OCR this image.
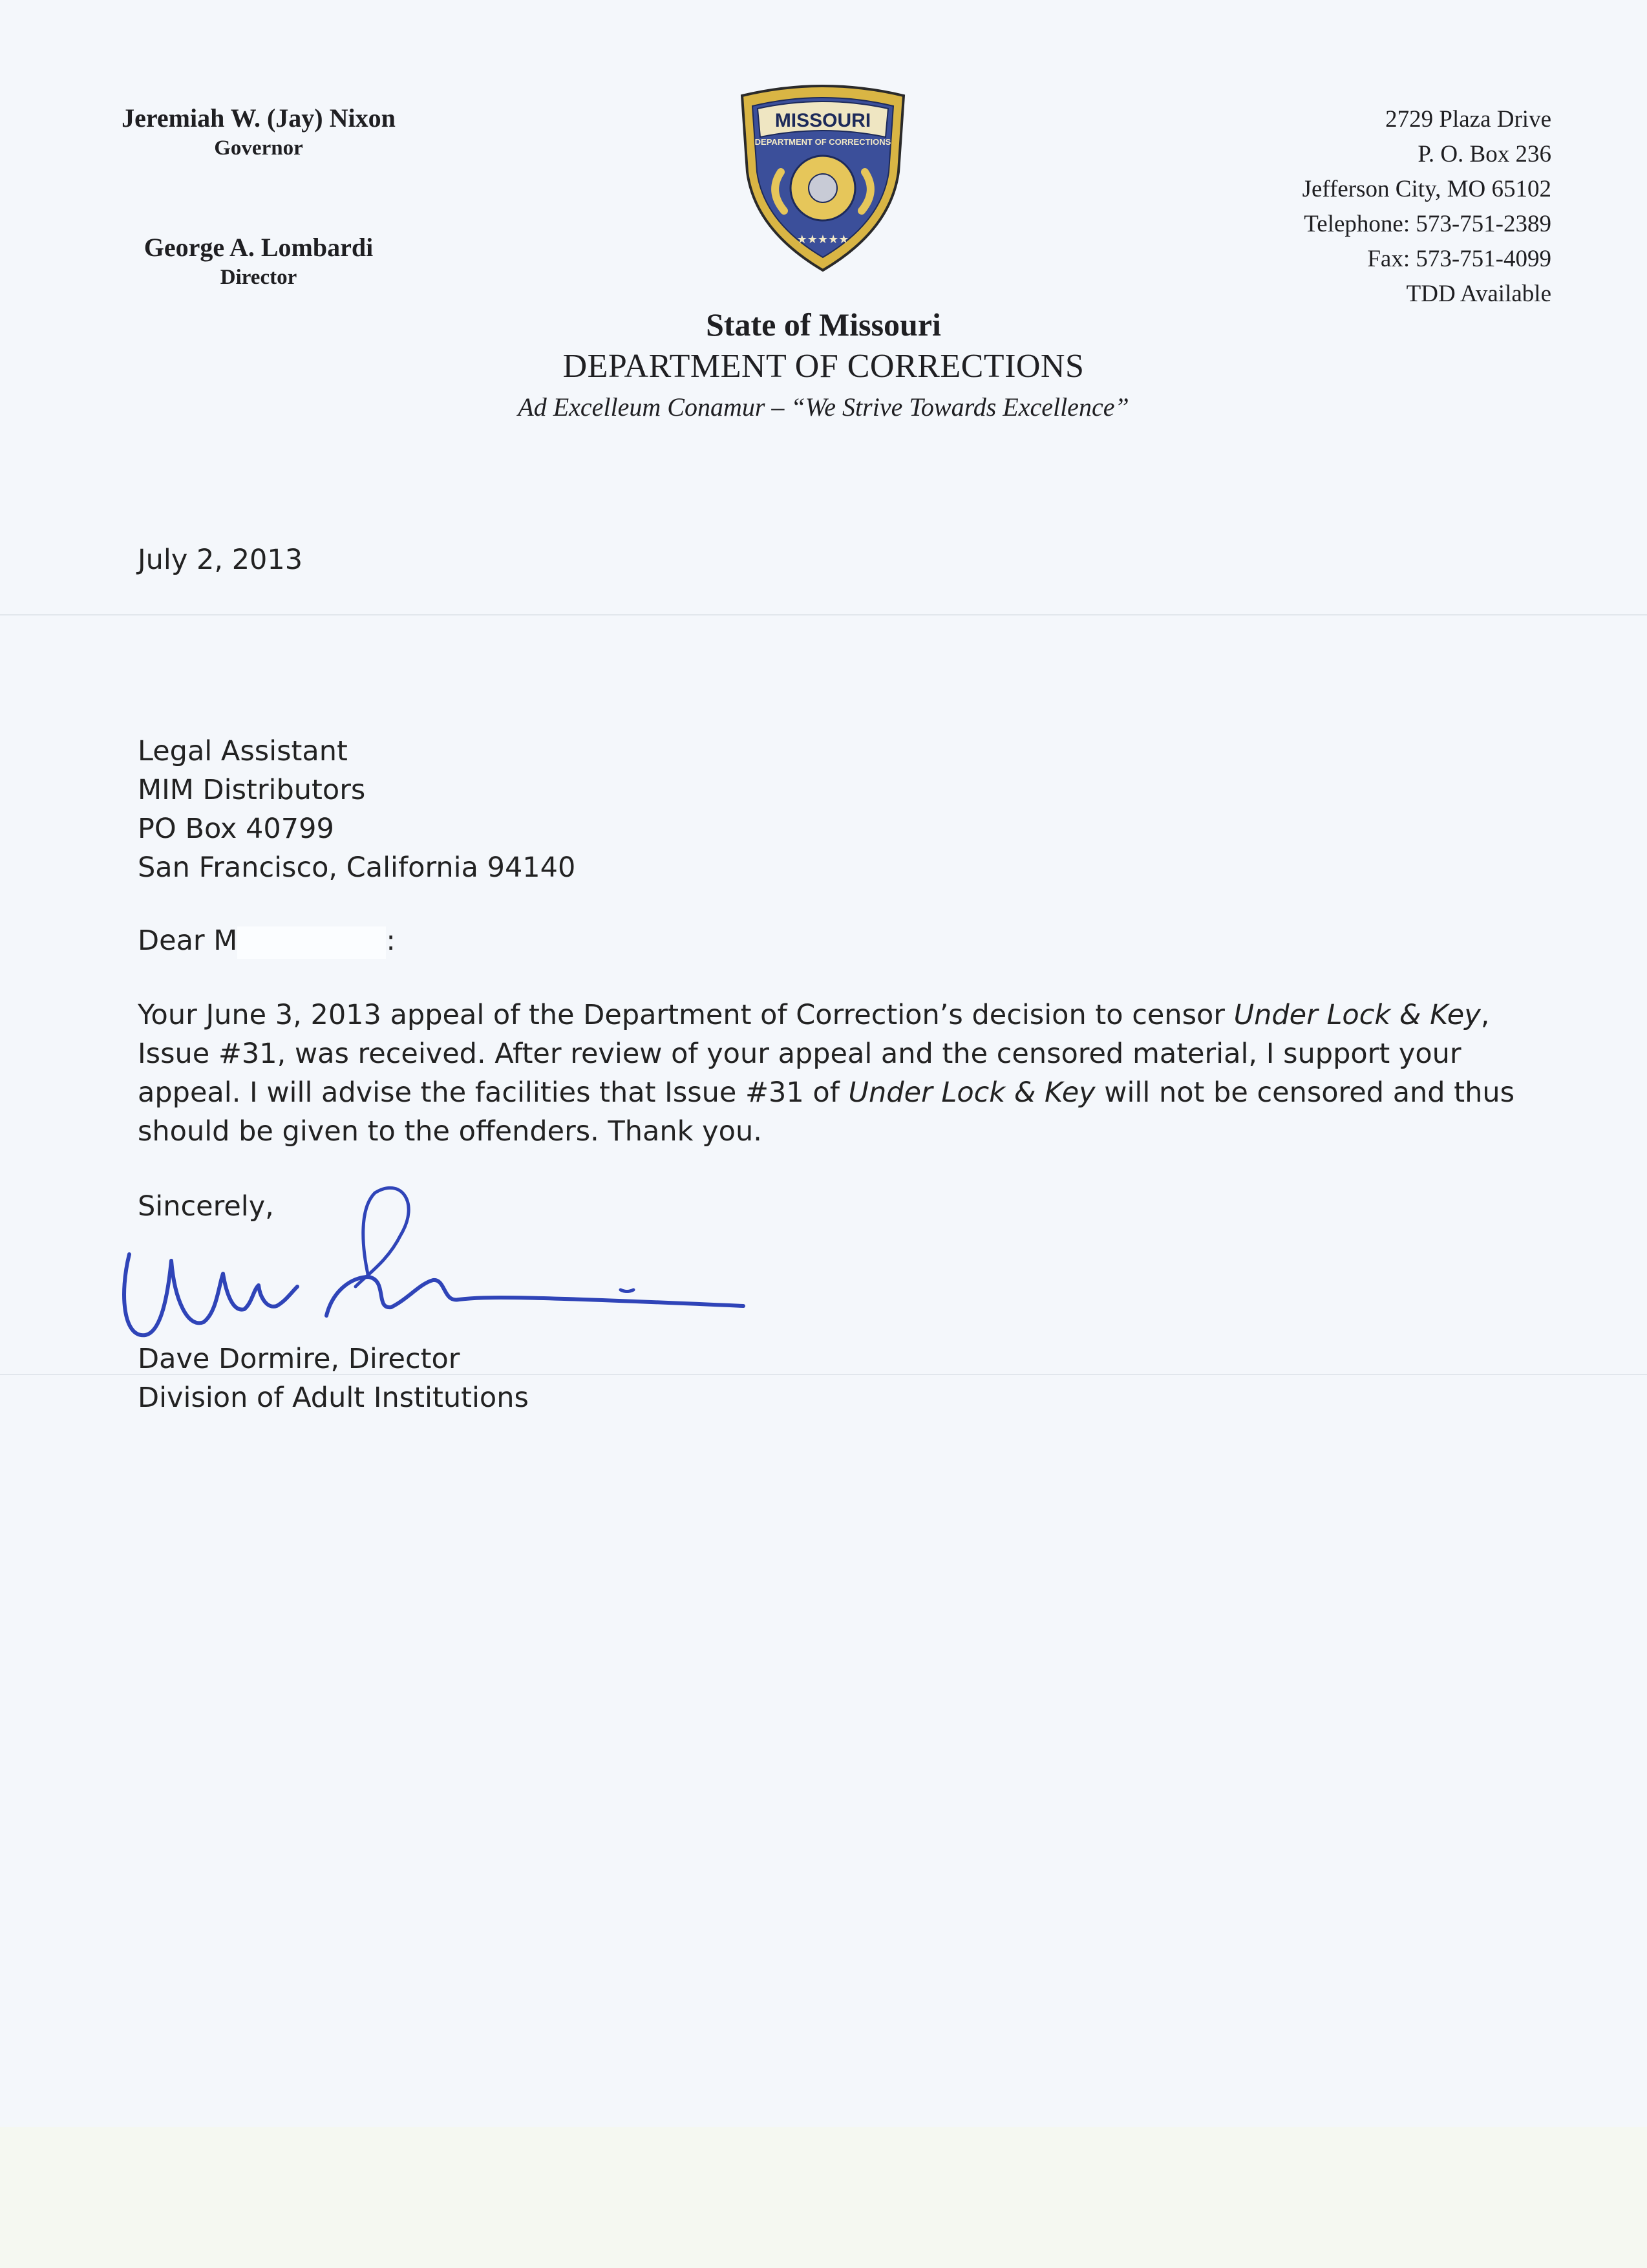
Jeremiah W. (Jay) Nixon
Governor
George A. Lombardi
Director
MISSOURI
DEPARTMENT OF CORRECTIONS
★★★★★
2729 Plaza Drive
P. O. Box 236
Jefferson City, MO 65102
Telephone: 573-751-2389
Fax: 573-751-4099
TDD Available
State of Missouri
DEPARTMENT OF CORRECTIONS
Ad Excelleum Conamur – “We Strive Towards Excellence”
July 2, 2013
Legal Assistant
MIM Distributors
PO Box 40799
San Francisco, California 94140
Dear M	:
Your June 3, 2013 appeal of the Department of Correction’s decision to censor Under Lock & Key, Issue #31, was received. After review of your appeal and the censored material, I support your appeal. I will advise the facilities that Issue #31 of Under Lock & Key will not be censored and thus should be given to the offenders. Thank you.
Sincerely,
Dave Dormire, Director
Division of Adult Institutions
